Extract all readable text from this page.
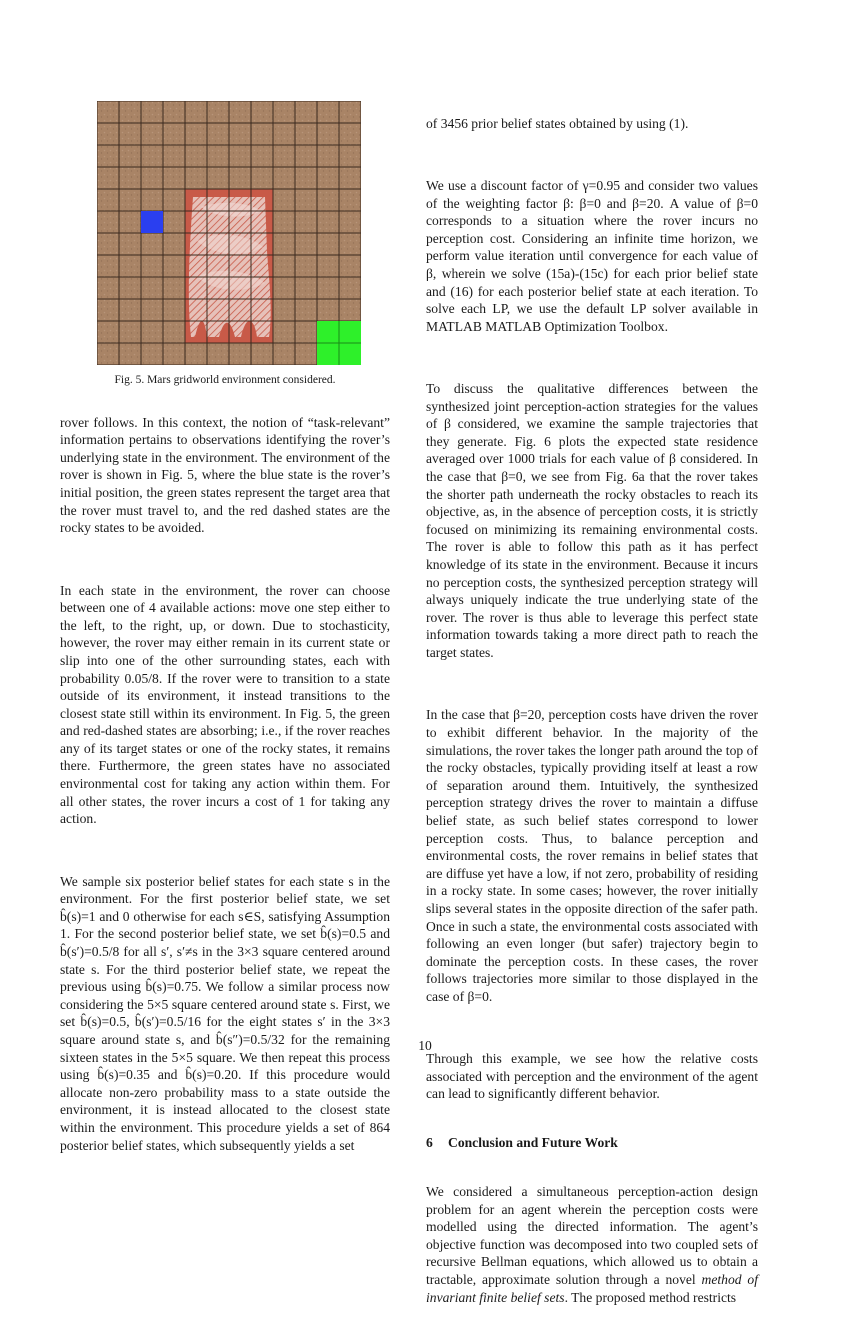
Fig. 5. Mars gridworld environment considered.

rover follows. In this context, the notion of “task-relevant” information pertains to observations identifying the rover’s underlying state in the environment. The environment of the rover is shown in Fig. 5, where the blue state is the rover’s initial position, the green states represent the target area that the rover must travel to, and the red dashed states are the rocky states to be avoided.

In each state in the environment, the rover can choose between one of 4 available actions: move one step either to the left, to the right, up, or down. Due to stochasticity, however, the rover may either remain in its current state or slip into one of the other surrounding states, each with probability 0.05/8. If the rover were to transition to a state outside of its environment, it instead transitions to the closest state still within its environment. In Fig. 5, the green and red-dashed states are absorbing; i.e., if the rover reaches any of its target states or one of the rocky states, it remains there. Furthermore, the green states have no associated environmental cost for taking any action within them. For all other states, the rover incurs a cost of 1 for taking any action.

We sample six posterior belief states for each state s in the environment. For the first posterior belief state, we set b̂(s)=1 and 0 otherwise for each s∈S, satisfying Assumption 1. For the second posterior belief state, we set b̂(s)=0.5 and b̂(s′)=0.5/8 for all s′, s′≠s in the 3×3 square centered around state s. For the third posterior belief state, we repeat the previous using b̂(s)=0.75. We follow a similar process now considering the 5×5 square centered around state s. First, we set b̂(s)=0.5, b̂(s′)=0.5/16 for the eight states s′ in the 3×3 square around state s, and b̂(s″)=0.5/32 for the remaining sixteen states in the 5×5 square. We then repeat this process using b̂(s)=0.35 and b̂(s)=0.20. If this procedure would allocate non-zero probability mass to a state outside the environment, it is instead allocated to the closest state within the environment. This procedure yields a set of 864 posterior belief states, which subsequently yields a set

of 3456 prior belief states obtained by using (1).

We use a discount factor of γ=0.95 and consider two values of the weighting factor β: β=0 and β=20. A value of β=0 corresponds to a situation where the rover incurs no perception cost. Considering an infinite time horizon, we perform value iteration until convergence for each value of β, wherein we solve (15a)-(15c) for each prior belief state and (16) for each posterior belief state at each iteration. To solve each LP, we use the default LP solver available in MATLAB MATLAB Optimization Toolbox.

To discuss the qualitative differences between the synthesized joint perception-action strategies for the values of β considered, we examine the sample trajectories that they generate. Fig. 6 plots the expected state residence averaged over 1000 trials for each value of β considered. In the case that β=0, we see from Fig. 6a that the rover takes the shorter path underneath the rocky obstacles to reach its objective, as, in the absence of perception costs, it is strictly focused on minimizing its remaining environmental costs. The rover is able to follow this path as it has perfect knowledge of its state in the environment. Because it incurs no perception costs, the synthesized perception strategy will always uniquely indicate the true underlying state of the rover. The rover is thus able to leverage this perfect state information towards taking a more direct path to reach the target states.

In the case that β=20, perception costs have driven the rover to exhibit different behavior. In the majority of the simulations, the rover takes the longer path around the top of the rocky obstacles, typically providing itself at least a row of separation around them. Intuitively, the synthesized perception strategy drives the rover to maintain a diffuse belief state, as such belief states correspond to lower perception costs. Thus, to balance perception and environmental costs, the rover remains in belief states that are diffuse yet have a low, if not zero, probability of residing in a rocky state. In some cases; however, the rover initially slips several states in the opposite direction of the safer path. Once in such a state, the environmental costs associated with following an even longer (but safer) trajectory begin to dominate the perception costs. In these cases, the rover follows trajectories more similar to those displayed in the case of β=0.

Through this example, we see how the relative costs associated with perception and the environment of the agent can lead to significantly different behavior.

6 Conclusion and Future Work

We considered a simultaneous perception-action design problem for an agent wherein the perception costs were modelled using the directed information. The agent’s objective function was decomposed into two coupled sets of recursive Bellman equations, which allowed us to obtain a tractable, approximate solution through a novel method of invariant finite belief sets. The proposed method restricts

10
